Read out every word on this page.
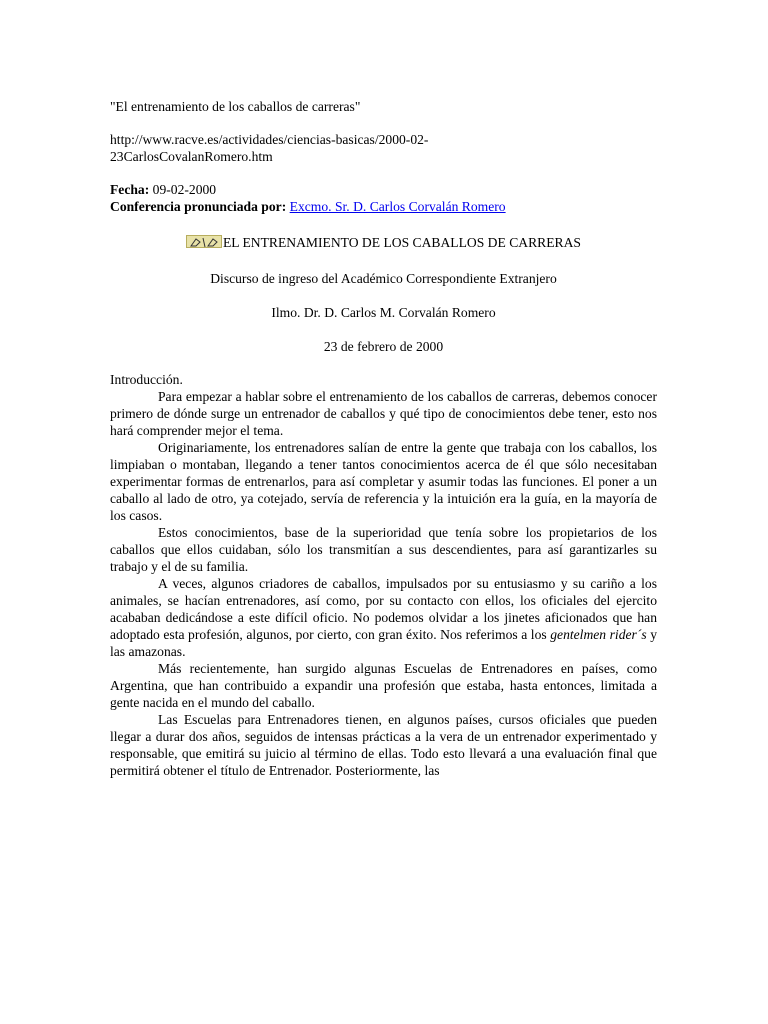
"El entrenamiento de los caballos de carreras"

http://www.racve.es/actividades/ciencias-basicas/2000-02-
23CarlosCovalanRomero.htm

Fecha: 09-02-2000
Conferencia pronunciada por: Excmo. Sr. D. Carlos Corvalán Romero

EL ENTRENAMIENTO DE LOS CABALLOS DE CARRERAS

Discurso de ingreso del Académico Correspondiente Extranjero

Ilmo. Dr. D. Carlos M. Corvalán Romero

23 de febrero de 2000

Introducción.

Para empezar a hablar sobre el entrenamiento de los caballos de carreras, debemos conocer primero de dónde surge un entrenador de caballos y qué tipo de conocimientos debe tener, esto nos hará comprender mejor el tema.

Originariamente, los entrenadores salían de entre la gente que trabaja con los caballos, los limpiaban o montaban, llegando a tener tantos conocimientos acerca de él que sólo necesitaban experimentar formas de entrenarlos, para así completar y asumir todas las funciones. El poner a un caballo al lado de otro, ya cotejado, servía de referencia y la intuición era la guía, en la mayoría de los casos.

Estos conocimientos, base de la superioridad que tenía sobre los propietarios de los caballos que ellos cuidaban, sólo los transmitían a sus descendientes, para así garantizarles su trabajo y el de su familia.

A veces, algunos criadores de caballos, impulsados por su entusiasmo y su cariño a los animales, se hacían entrenadores, así como, por su contacto con ellos, los oficiales del ejercito acababan dedicándose a este difícil oficio. No podemos olvidar a los jinetes aficionados que han adoptado esta profesión, algunos, por cierto, con gran éxito. Nos referimos a los gentelmen rider´s y las amazonas.

Más recientemente, han surgido algunas Escuelas de Entrenadores en países, como Argentina, que han contribuido a expandir una profesión que estaba, hasta entonces, limitada a gente nacida en el mundo del caballo.

Las Escuelas para Entrenadores tienen, en algunos países, cursos oficiales que pueden llegar a durar dos años, seguidos de intensas prácticas a la vera de un entrenador experimentado y responsable, que emitirá su juicio al término de ellas. Todo esto llevará a una evaluación final que permitirá obtener el título de Entrenador. Posteriormente, las
